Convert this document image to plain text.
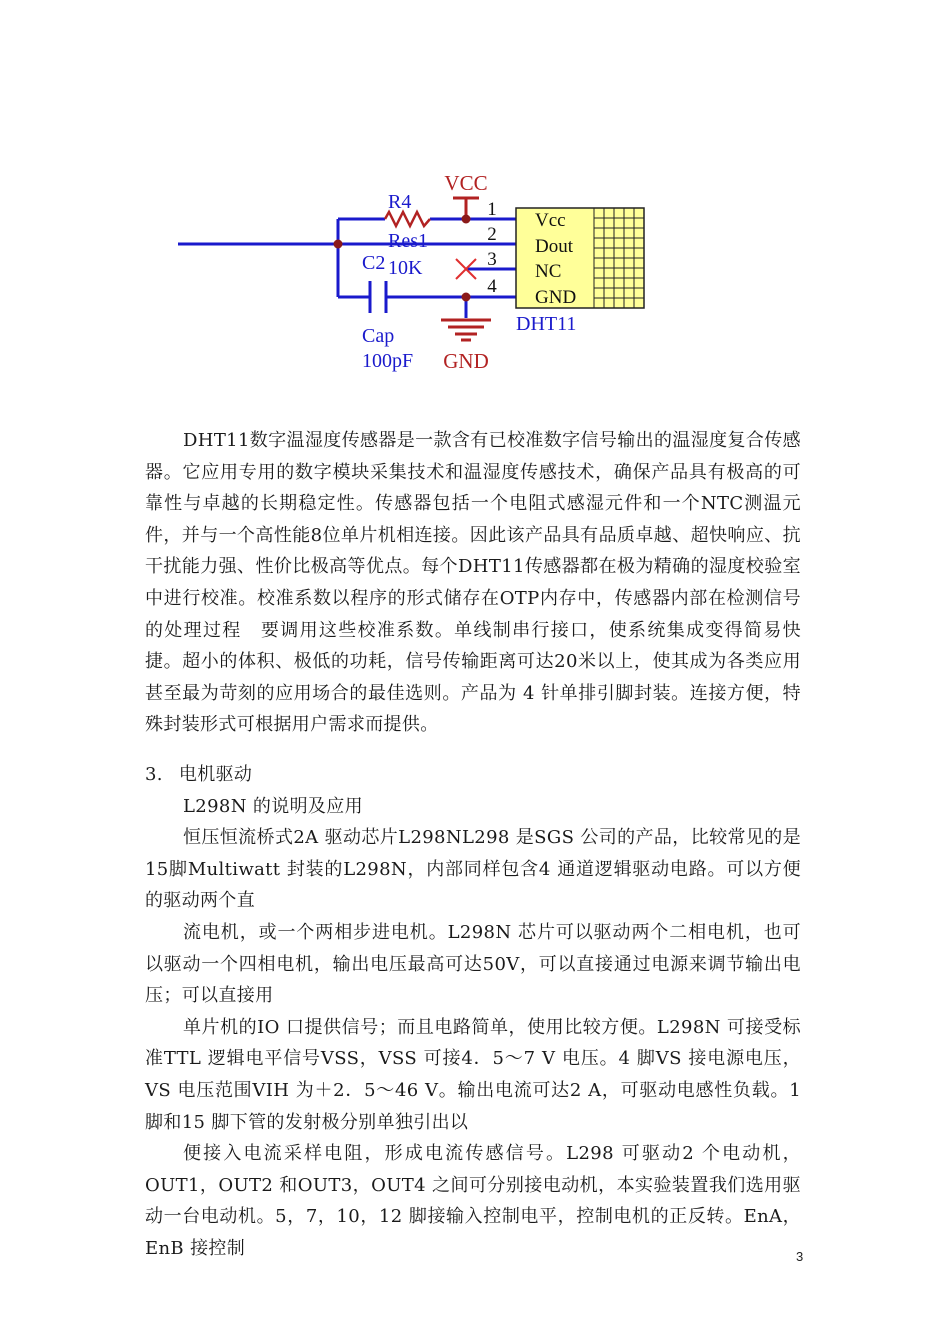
VCC
R4
Res1
10K
C2
Cap
100pF GND
1
2
3
4
Vcc
Dout
NC
GND
DHT11

DHT11数字温湿度传感器是一款含有已校准数字信号输出的温湿度复合传感器。它应用专用的数字模块采集技术和温湿度传感技术，确保产品具有极高的可靠性与卓越的长期稳定性。传感器包括一个电阻式感湿元件和一个NTC测温元件，并与一个高性能8位单片机相连接。因此该产品具有品质卓越、超快响应、抗干扰能力强、性价比极高等优点。每个DHT11传感器都在极为精确的湿度校验室中进行校准。校准系数以程序的形式储存在OTP内存中，传感器内部在检测信号的处理过程　要调用这些校准系数。单线制串行接口，使系统集成变得简易快捷。超小的体积、极低的功耗，信号传输距离可达20米以上，使其成为各类应用甚至最为苛刻的应用场合的最佳选则。产品为 4 针单排引脚封装。连接方便，特殊封装形式可根据用户需求而提供。

3. 电机驱动

L298N 的说明及应用

恒压恒流桥式2A 驱动芯片L298NL298 是SGS 公司的产品，比较常见的是15脚Multiwatt 封装的L298N，内部同样包含4 通道逻辑驱动电路。可以方便的驱动两个直

流电机，或一个两相步进电机。L298N 芯片可以驱动两个二相电机，也可以驱动一个四相电机，输出电压最高可达50V，可以直接通过电源来调节输出电压；可以直接用

单片机的IO 口提供信号；而且电路简单，使用比较方便。L298N 可接受标准TTL 逻辑电平信号VSS，VSS 可接4．5～7 V 电压。4 脚VS 接电源电压，VS 电压范围VIH 为＋2．5～46 V。输出电流可达2 A，可驱动电感性负载。1 脚和15 脚下管的发射极分别单独引出以

便接入电流采样电阻，形成电流传感信号。L298 可驱动2 个电动机，OUT1，OUT2 和OUT3，OUT4 之间可分别接电动机，本实验装置我们选用驱动一台电动机。5，7，10，12 脚接输入控制电平，控制电机的正反转。EnA，EnB 接控制	3
